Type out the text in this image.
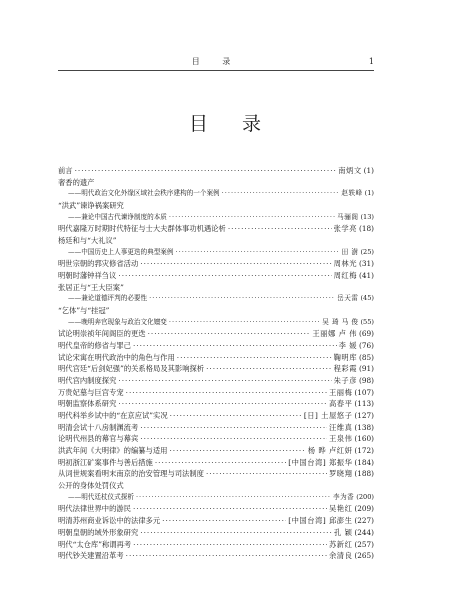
目 录	1
目 录
前言 ·····	南炳文 (1)
奢香的遗产
——明代政治文化外缘区域社会秩序建构的一个案例 ·····	赵轶峰 (1)
“洪武”谏诤祸案研究
——兼论中国古代谏诤制度的本质 ·····	马骊阁 (13)
明代嘉隆万时期时代特征与士大夫群体事功机遇论析 ·····	张学亮 (18)
杨廷和与“大礼议”
——中国历史上人事更迭的典型案例 ·····	田 澍 (25)
明世宗朝的郛灾修省活动 ·····	周林光 (31)
明朝时藩钟祥刍议 ·····	周红梅 (41)
张居正与“王大臣案”
——兼论道德评判的必要性 ·····	岳天雷 (45)
“乞体”与“挂冠”
——晚明奔官现象与政治文化嬗变 ·····	吴 琦 马 俊 (55)
试论明崇祯年间阁臣的更迭 ·····	王丽娜 卢 伟 (69)
明代皇帝的修省与罪己 ·····	李 媛 (76)
试论宋寓在明代政治中的角色与作用 ·····	鞠明库 (85)
明代宫廷“后剑妃强”的关系格局及其影响探析 ·····	程彩霞 (91)
明代宫内制度探究 ·····	朱子彦 (98)
万贵妃墓与巨宫专宠 ·····	王丽梅 (107)
明朝监察体系研究 ·····	高春平 (113)
明代科举乡试中的“在京应试”实况 ·····	[日] 土屋悠子 (127)
明清会试十八房制渊流考 ·····	汪维真 (138)
论明代州县的幕官与幕宾 ·····	王泉伟 (160)
洪武年间《大明律》的编纂与适用 ·····	杨 晔 卢红妍 (172)
明初浙江矿案事件与善后措施 ·····	[中国台湾] 郑振华 (184)
从词世规案看明末南京的治安管理与司法制度 ·····	罗晓翔 (188)
公开的身体处罚仪式
——明代廷杖仪式探析 ·····	李为香 (200)
明代法律世界中的游民 ·····	吴艳红 (209)
明清苏州商业诉讼中的法律多元 ·····	[中国台湾] 邱澎生 (227)
明朝皇朝的域外形象研究 ·····	孔 颖 (244)
明代“太仓库”称谓再考 ·····	苏新红 (257)
明代钞关建置沿革考 ·····	余清良 (265)
